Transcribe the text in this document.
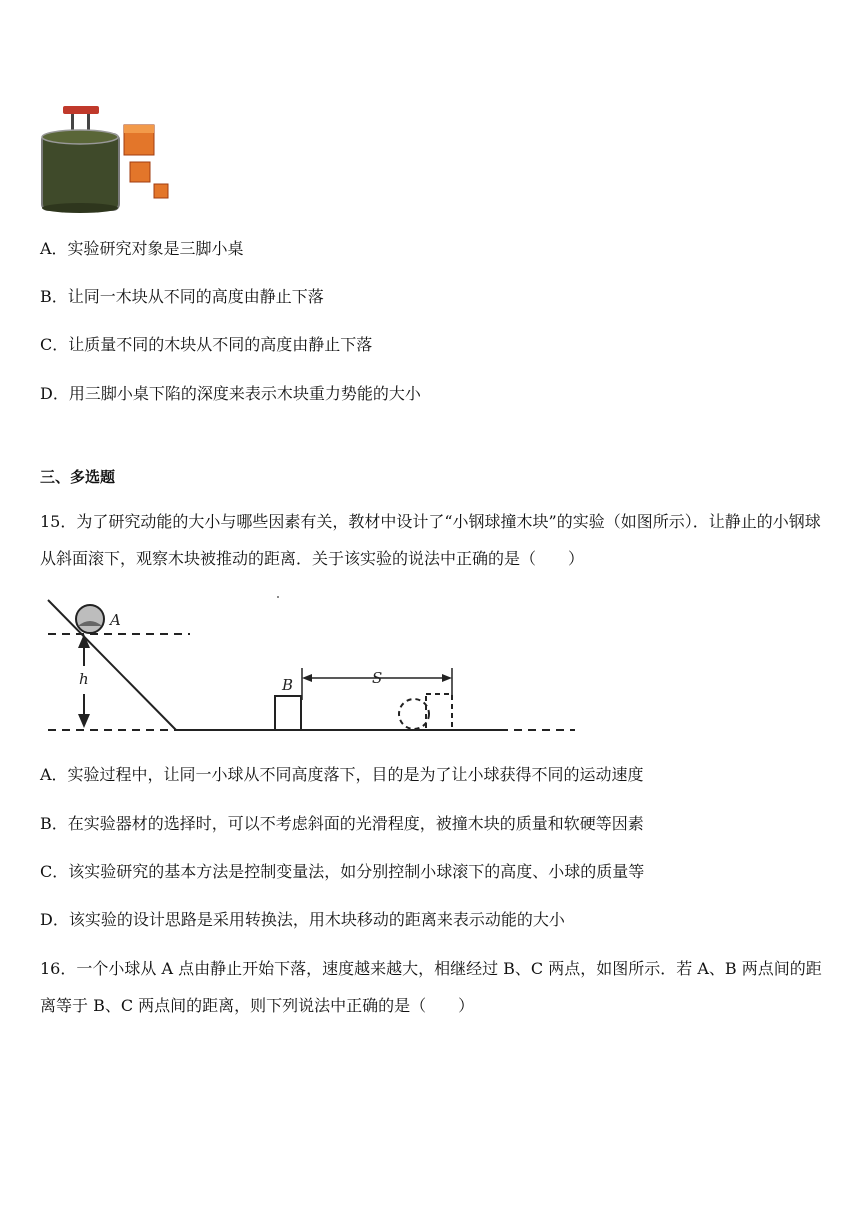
A．实验研究对象是三脚小桌
B．让同一木块从不同的高度由静止下落
C．让质量不同的木块从不同的高度由静止下落
D．用三脚小桌下陷的深度来表示木块重力势能的大小
三、多选题
15．为了研究动能的大小与哪些因素有关，教材中设计了“小钢球撞木块”的实验（如图所示）．让静止的小钢球从斜面滚下，观察木块被推动的距离．关于该实验的说法中正确的是（　　）
A
h	B	S
A．实验过程中，让同一小球从不同高度落下，目的是为了让小球获得不同的运动速度
B．在实验器材的选择时，可以不考虑斜面的光滑程度，被撞木块的质量和软硬等因素
C．该实验研究的基本方法是控制变量法，如分别控制小球滚下的高度、小球的质量等
D．该实验的设计思路是采用转换法，用木块移动的距离来表示动能的大小
16．一个小球从 A 点由静止开始下落，速度越来越大，相继经过 B、C 两点，如图所示．若 A、B 两点间的距离等于 B、C 两点间的距离，则下列说法中正确的是（　　）
